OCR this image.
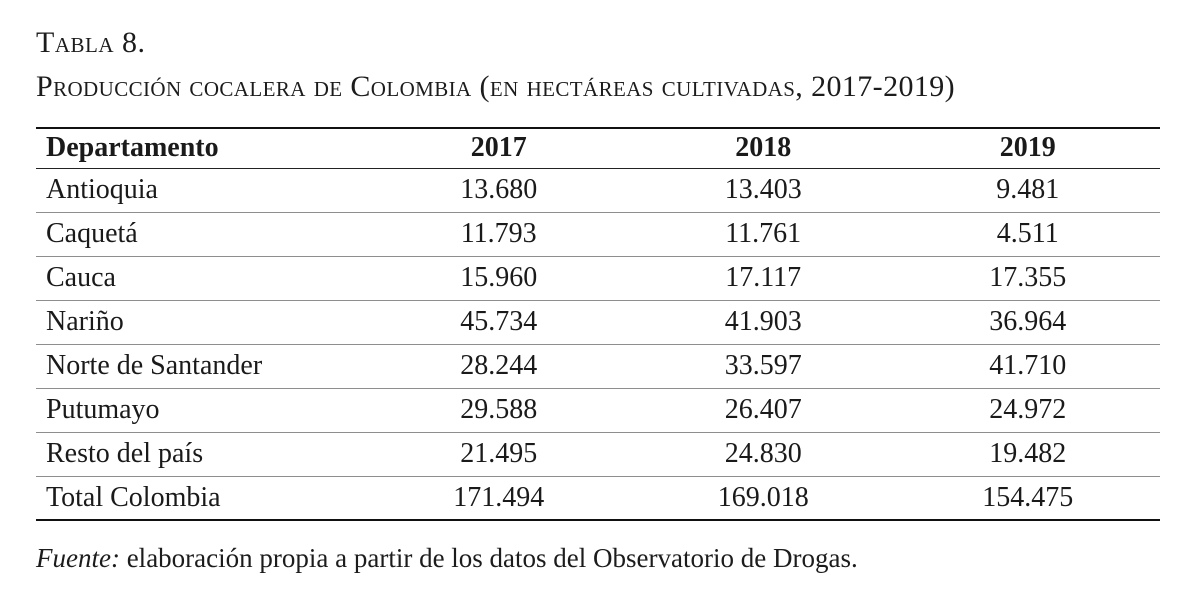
Tabla 8.
Producción cocalera de Colombia (en hectáreas cultivadas, 2017-2019)
Departamento	2017	2018	2019
Antioquia	13.680	13.403	9.481
Caquetá	11.793	11.761	4.511
Cauca	15.960	17.117	17.355
Nariño	45.734	41.903	36.964
Norte de Santander	28.244	33.597	41.710
Putumayo	29.588	26.407	24.972
Resto del país	21.495	24.830	19.482
Total Colombia	171.494	169.018	154.475
Fuente: elaboración propia a partir de los datos del Observatorio de Drogas.
